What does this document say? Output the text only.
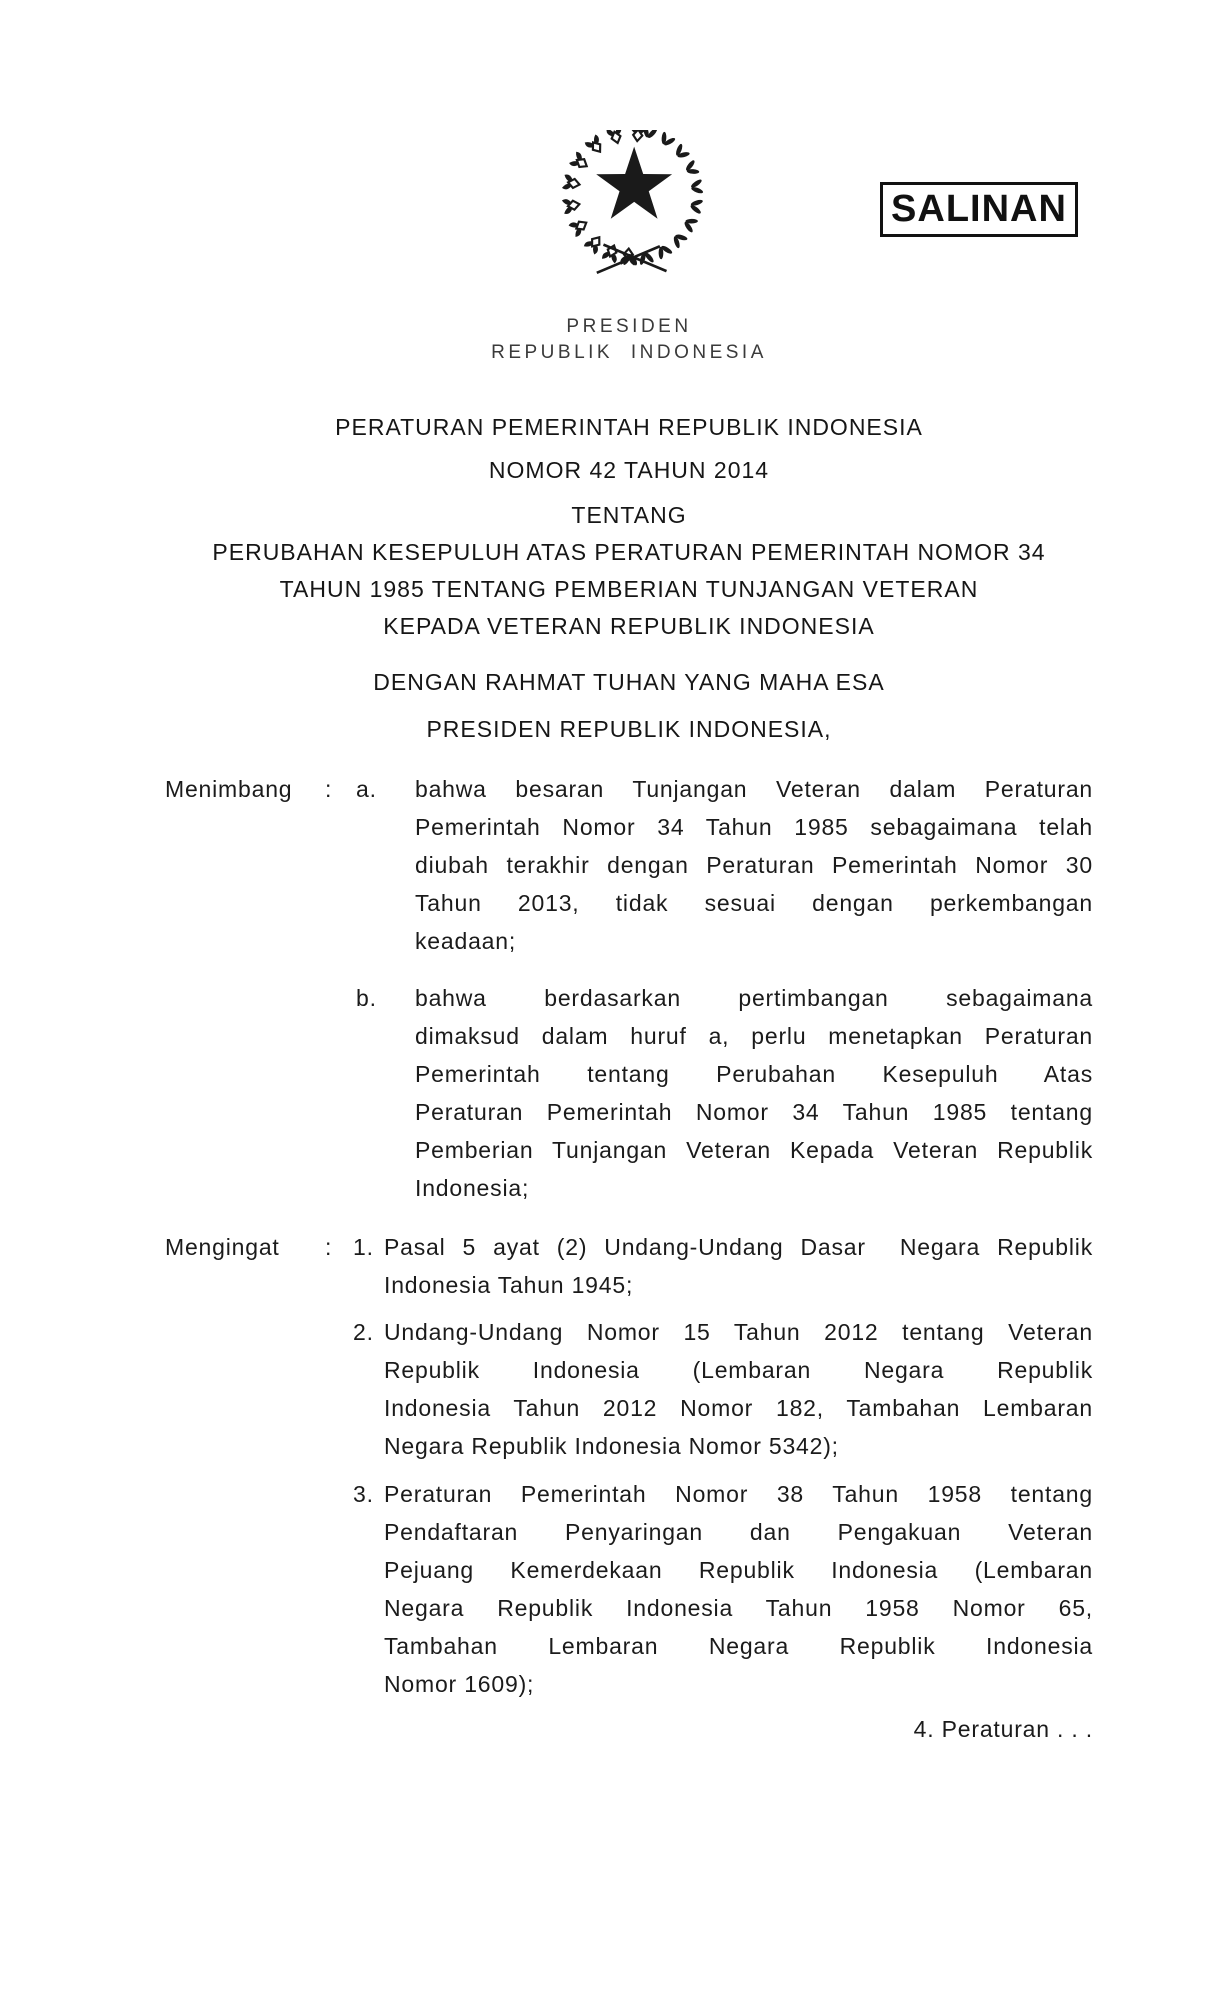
SALINAN
PRESIDEN
REPUBLIK INDONESIA
PERATURAN PEMERINTAH REPUBLIK INDONESIA
NOMOR 42 TAHUN 2014
TENTANG
PERUBAHAN KESEPULUH ATAS PERATURAN PEMERINTAH NOMOR 34
TAHUN 1985 TENTANG PEMBERIAN TUNJANGAN VETERAN
KEPADA VETERAN REPUBLIK INDONESIA
DENGAN RAHMAT TUHAN YANG MAHA ESA
PRESIDEN REPUBLIK INDONESIA,
Menimbang : a. bahwa besaran Tunjangan Veteran dalam Peraturan
Pemerintah Nomor 34 Tahun 1985 sebagaimana telah
diubah terakhir dengan Peraturan Pemerintah Nomor 30
Tahun 2013, tidak sesuai dengan perkembangan
keadaan;
b. bahwa berdasarkan pertimbangan sebagaimana
dimaksud dalam huruf a, perlu menetapkan Peraturan
Pemerintah tentang Perubahan Kesepuluh Atas
Peraturan Pemerintah Nomor 34 Tahun 1985 tentang
Pemberian Tunjangan Veteran Kepada Veteran Republik
Indonesia;
Mengingat : 1. Pasal 5 ayat (2) Undang-Undang Dasar  Negara Republik
Indonesia Tahun 1945;
2. Undang-Undang Nomor 15 Tahun 2012 tentang Veteran
Republik Indonesia (Lembaran Negara Republik
Indonesia Tahun 2012 Nomor 182, Tambahan Lembaran
Negara Republik Indonesia Nomor 5342);
3. Peraturan Pemerintah Nomor 38 Tahun 1958 tentang
Pendaftaran Penyaringan dan Pengakuan Veteran
Pejuang Kemerdekaan Republik Indonesia (Lembaran
Negara Republik Indonesia Tahun 1958 Nomor 65,
Tambahan Lembaran Negara Republik Indonesia
Nomor 1609);
4. Peraturan . . .
